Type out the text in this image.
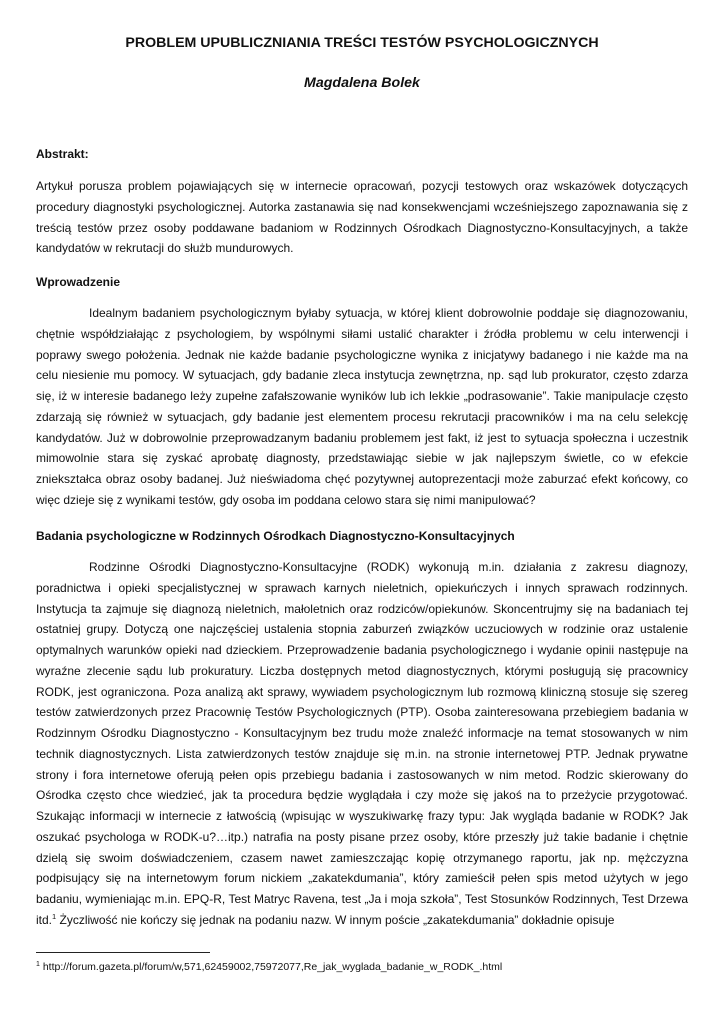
PROBLEM UPUBLICZNIANIA TREŚCI TESTÓW PSYCHOLOGICZNYCH
Magdalena Bolek
Abstrakt:

Artykuł porusza problem pojawiających się w internecie opracowań, pozycji testowych oraz wskazówek dotyczących procedury diagnostyki psychologicznej. Autorka zastanawia się nad konsekwencjami wcześniejszego zapoznawania się z treścią testów przez osoby poddawane badaniom w Rodzinnych Ośrodkach Diagnostyczno-Konsultacyjnych, a także kandydatów w rekrutacji do służb mundurowych.

Wprowadzenie

Idealnym badaniem psychologicznym byłaby sytuacja, w której klient dobrowolnie poddaje się diagnozowaniu, chętnie współdziałając z psychologiem, by wspólnymi siłami ustalić charakter i źródła problemu w celu interwencji i poprawy swego położenia. Jednak nie każde badanie psychologiczne wynika z inicjatywy badanego i nie każde ma na celu niesienie mu pomocy. W sytuacjach, gdy badanie zleca instytucja zewnętrzna, np. sąd lub prokurator, często zdarza się, iż w interesie badanego leży zupełne zafałszowanie wyników lub ich lekkie „podrasowanie”. Takie manipulacje często zdarzają się również w sytuacjach, gdy badanie jest elementem procesu rekrutacji pracowników i ma na celu selekcję kandydatów. Już w dobrowolnie przeprowadzanym badaniu problemem jest fakt, iż jest to sytuacja społeczna i uczestnik mimowolnie stara się zyskać aprobatę diagnosty, przedstawiając siebie w jak najlepszym świetle, co w efekcie zniekształca obraz osoby badanej. Już nieświadoma chęć pozytywnej autoprezentacji może zaburzać efekt końcowy, co więc dzieje się z wynikami testów, gdy osoba im poddana celowo stara się nimi manipulować?

Badania psychologiczne w Rodzinnych Ośrodkach Diagnostyczno-Konsultacyjnych

Rodzinne Ośrodki Diagnostyczno-Konsultacyjne (RODK) wykonują m.in. działania z zakresu diagnozy, poradnictwa i opieki specjalistycznej w sprawach karnych nieletnich, opiekuńczych i innych sprawach rodzinnych. Instytucja ta zajmuje się diagnozą nieletnich, małoletnich oraz rodziców/opiekunów. Skoncentrujmy się na badaniach tej ostatniej grupy. Dotyczą one najczęściej ustalenia stopnia zaburzeń związków uczuciowych w rodzinie oraz ustalenie optymalnych warunków opieki nad dzieckiem. Przeprowadzenie badania psychologicznego i wydanie opinii następuje na wyraźne zlecenie sądu lub prokuratury. Liczba dostępnych metod diagnostycznych, którymi posługują się pracownicy RODK, jest ograniczona. Poza analizą akt sprawy, wywiadem psychologicznym lub rozmową kliniczną stosuje się szereg testów zatwierdzonych przez Pracownię Testów Psychologicznych (PTP). Osoba zainteresowana przebiegiem badania w Rodzinnym Ośrodku Diagnostyczno - Konsultacyjnym bez trudu może znaleźć informacje na temat stosowanych w nim technik diagnostycznych. Lista zatwierdzonych testów znajduje się m.in. na stronie internetowej PTP. Jednak prywatne strony i fora internetowe oferują pełen opis przebiegu badania i zastosowanych w nim metod. Rodzic skierowany do Ośrodka często chce wiedzieć, jak ta procedura będzie wyglądała i czy może się jakoś na to przeżycie przygotować. Szukając informacji w internecie z łatwością (wpisując w wyszukiwarkę frazy typu: Jak wygląda badanie w RODK? Jak oszukać psychologa w RODK-u?…itp.) natrafia na posty pisane przez osoby, które przeszły już takie badanie i chętnie dzielą się swoim doświadczeniem, czasem nawet zamieszczając kopię otrzymanego raportu, jak np. mężczyzna podpisujący się na internetowym forum nickiem „zakatekdumania”, który zamieścił pełen spis metod użytych w jego badaniu, wymieniając m.in. EPQ-R, Test Matryc Ravena, test „Ja i moja szkoła”, Test Stosunków Rodzinnych, Test Drzewa itd.$^1$ Życzliwość nie kończy się jednak na podaniu nazw. W innym poście „zakatekdumania” dokładnie opisuje

$^1$ http://forum.gazeta.pl/forum/w,571,62459002,75972077,Re_jak_wyglada_badanie_w_RODK_.html
